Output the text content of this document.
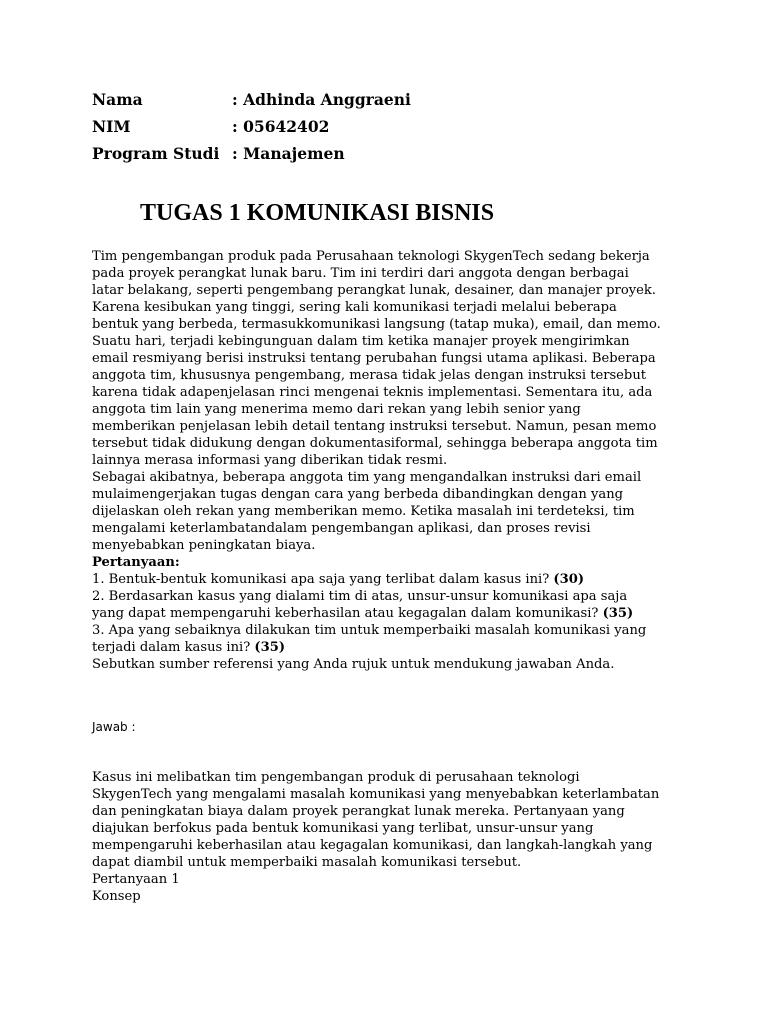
Nama	: Adhinda Anggraeni
NIM	: 05642402
Program Studi : Manajemen
TUGAS 1 KOMUNIKASI BISNIS

Tim pengembangan produk pada Perusahaan teknologi SkygenTech sedang bekerja pada proyek perangkat lunak baru. Tim ini terdiri dari anggota dengan berbagai latar belakang, seperti pengembang perangkat lunak, desainer, dan manajer proyek. Karena kesibukan yang tinggi, sering kali komunikasi terjadi melalui beberapa bentuk yang berbeda, termasukkomunikasi langsung (tatap muka), email, dan memo.

Suatu hari, terjadi kebingunguan dalam tim ketika manajer proyek mengirimkan email resmiyang berisi instruksi tentang perubahan fungsi utama aplikasi. Beberapa anggota tim, khususnya pengembang, merasa tidak jelas dengan instruksi tersebut karena tidak adapenjelasan rinci mengenai teknis implementasi. Sementara itu, ada anggota tim lain yang menerima memo dari rekan yang lebih senior yang memberikan penjelasan lebih detail tentang instruksi tersebut. Namun, pesan memo tersebut tidak didukung dengan dokumentasiformal, sehingga beberapa anggota tim lainnya merasa informasi yang diberikan tidak resmi.

Sebagai akibatnya, beberapa anggota tim yang mengandalkan instruksi dari email mulaimengerjakan tugas dengan cara yang berbeda dibandingkan dengan yang dijelaskan oleh rekan yang memberikan memo. Ketika masalah ini terdeteksi, tim mengalami keterlambatandalam pengembangan aplikasi, dan proses revisi menyebabkan peningkatan biaya.

Pertanyaan:

1. Bentuk-bentuk komunikasi apa saja yang terlibat dalam kasus ini? (30)

2. Berdasarkan kasus yang dialami tim di atas, unsur-unsur komunikasi apa saja yang dapat mempengaruhi keberhasilan atau kegagalan dalam komunikasi? (35)

3. Apa yang sebaiknya dilakukan tim untuk memperbaiki masalah komunikasi yang terjadi dalam kasus ini? (35)

Sebutkan sumber referensi yang Anda rujuk untuk mendukung jawaban Anda.

Jawab :

Kasus ini melibatkan tim pengembangan produk di perusahaan teknologi SkygenTech yang mengalami masalah komunikasi yang menyebabkan keterlambatan dan peningkatan biaya dalam proyek perangkat lunak mereka. Pertanyaan yang diajukan berfokus pada bentuk komunikasi yang terlibat, unsur-unsur yang mempengaruhi keberhasilan atau kegagalan komunikasi, dan langkah-langkah yang dapat diambil untuk memperbaiki masalah komunikasi tersebut.

Pertanyaan 1

Konsep
